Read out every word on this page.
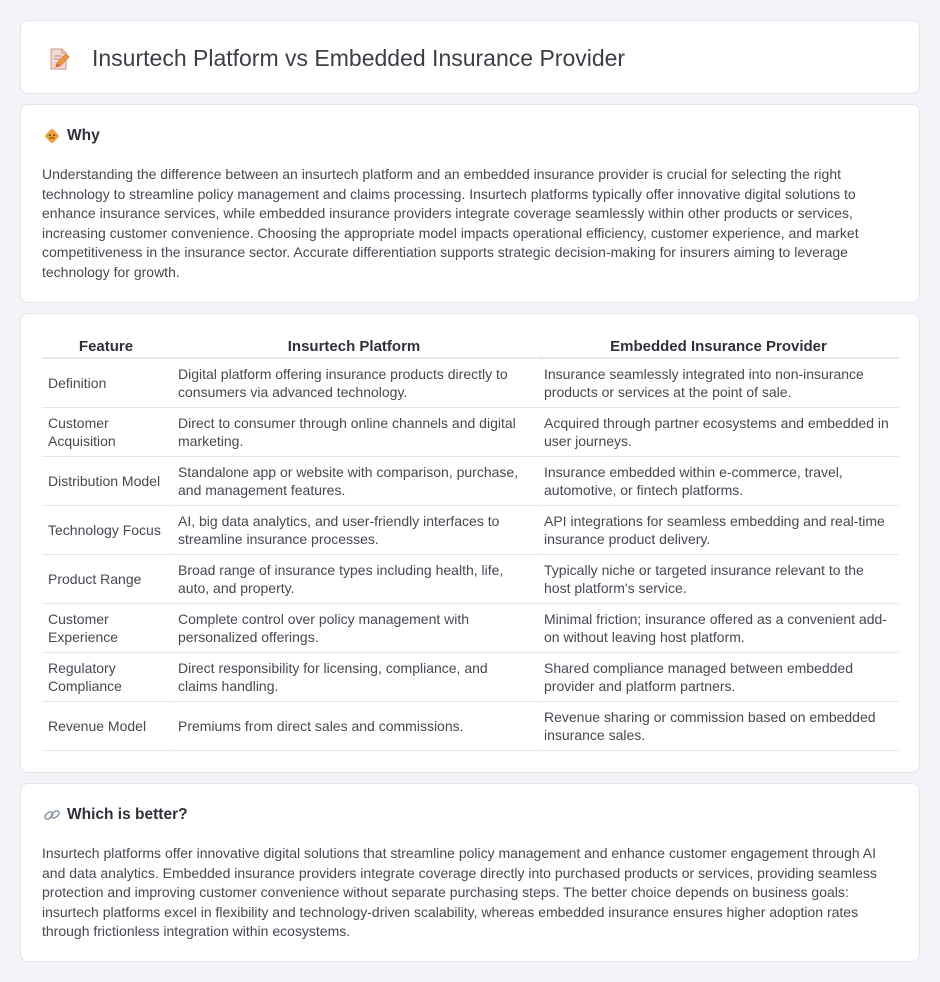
Insurtech Platform vs Embedded Insurance Provider
Why

Understanding the difference between an insurtech platform and an embedded insurance provider is crucial for selecting the right technology to streamline policy management and claims processing. Insurtech platforms typically offer innovative digital solutions to enhance insurance services, while embedded insurance providers integrate coverage seamlessly within other products or services, increasing customer convenience. Choosing the appropriate model impacts operational efficiency, customer experience, and market competitiveness in the insurance sector. Accurate differentiation supports strategic decision-making for insurers aiming to leverage technology for growth.

Feature	Insurtech Platform	Embedded Insurance Provider
Definition	Digital platform offering insurance products directly to consumers via advanced technology.	Insurance seamlessly integrated into non-insurance products or services at the point of sale.
Customer Acquisition	Direct to consumer through online channels and digital marketing.	Acquired through partner ecosystems and embedded in user journeys.
Distribution Model	Standalone app or website with comparison, purchase, and management features.	Insurance embedded within e-commerce, travel, automotive, or fintech platforms.
Technology Focus	AI, big data analytics, and user-friendly interfaces to streamline insurance processes.	API integrations for seamless embedding and real-time insurance product delivery.
Product Range	Broad range of insurance types including health, life, auto, and property.	Typically niche or targeted insurance relevant to the host platform's service.
Customer Experience	Complete control over policy management with personalized offerings.	Minimal friction; insurance offered as a convenient add-on without leaving host platform.
Regulatory Compliance	Direct responsibility for licensing, compliance, and claims handling.	Shared compliance managed between embedded provider and platform partners.
Revenue Model	Premiums from direct sales and commissions.	Revenue sharing or commission based on embedded insurance sales.
Which is better?

Insurtech platforms offer innovative digital solutions that streamline policy management and enhance customer engagement through AI and data analytics. Embedded insurance providers integrate coverage directly into purchased products or services, providing seamless protection and improving customer convenience without separate purchasing steps. The better choice depends on business goals: insurtech platforms excel in flexibility and technology-driven scalability, whereas embedded insurance ensures higher adoption rates through frictionless integration within ecosystems.
